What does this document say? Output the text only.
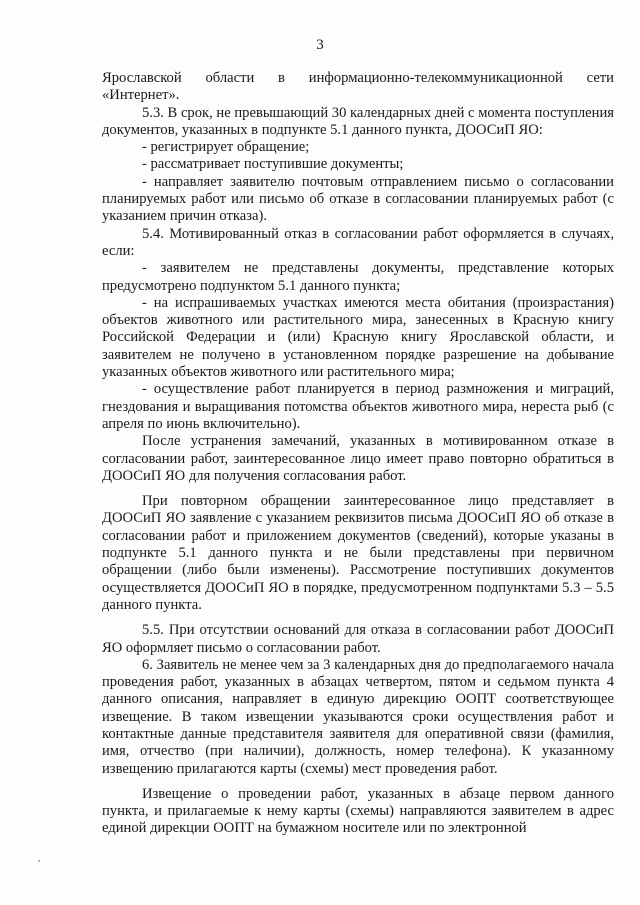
3

Ярославской области в информационно-телекоммуникационной сети «Интернет».

5.3. В срок, не превышающий 30 календарных дней с момента поступления документов, указанных в подпункте 5.1 данного пункта, ДООСиП ЯО:

- регистрирует обращение;

- рассматривает поступившие документы;

- направляет заявителю почтовым отправлением письмо о согласовании планируемых работ или письмо об отказе в согласовании планируемых работ (с указанием причин отказа).

5.4. Мотивированный отказ в согласовании работ оформляется в случаях, если:

- заявителем не представлены документы, представление которых предусмотрено подпунктом 5.1 данного пункта;

- на испрашиваемых участках имеются места обитания (произрастания) объектов животного или растительного мира, занесенных в Красную книгу Российской Федерации и (или) Красную книгу Ярославской области, и заявителем не получено в установленном порядке разрешение на добывание указанных объектов животного или растительного мира;

- осуществление работ планируется в период размножения и миграций, гнездования и выращивания потомства объектов животного мира, нереста рыб (с апреля по июнь включительно).

После устранения замечаний, указанных в мотивированном отказе в согласовании работ, заинтересованное лицо имеет право повторно обратиться в ДООСиП ЯО для получения согласования работ.

При повторном обращении заинтересованное лицо представляет в ДООСиП ЯО заявление с указанием реквизитов письма ДООСиП ЯО об отказе в согласовании работ и приложением документов (сведений), которые указаны в подпункте 5.1 данного пункта и не были представлены при первичном обращении (либо были изменены). Рассмотрение поступивших документов осуществляется ДООСиП ЯО в порядке, предусмотренном подпунктами 5.3 – 5.5 данного пункта.

5.5. При отсутствии оснований для отказа в согласовании работ ДООСиП ЯО оформляет письмо о согласовании работ.

6. Заявитель не менее чем за 3 календарных дня до предполагаемого начала проведения работ, указанных в абзацах четвертом, пятом и седьмом пункта 4 данного описания, направляет в единую дирекцию ООПТ соответствующее извещение. В таком извещении указываются сроки осуществления работ и контактные данные представителя заявителя для оперативной связи (фамилия, имя, отчество (при наличии), должность, номер телефона). К указанному извещению прилагаются карты (схемы) мест проведения работ.

Извещение о проведении работ, указанных в абзаце первом данного пункта, и прилагаемые к нему карты (схемы) направляются заявителем в адрес единой дирекции ООПТ на бумажном носителе или по электронной
